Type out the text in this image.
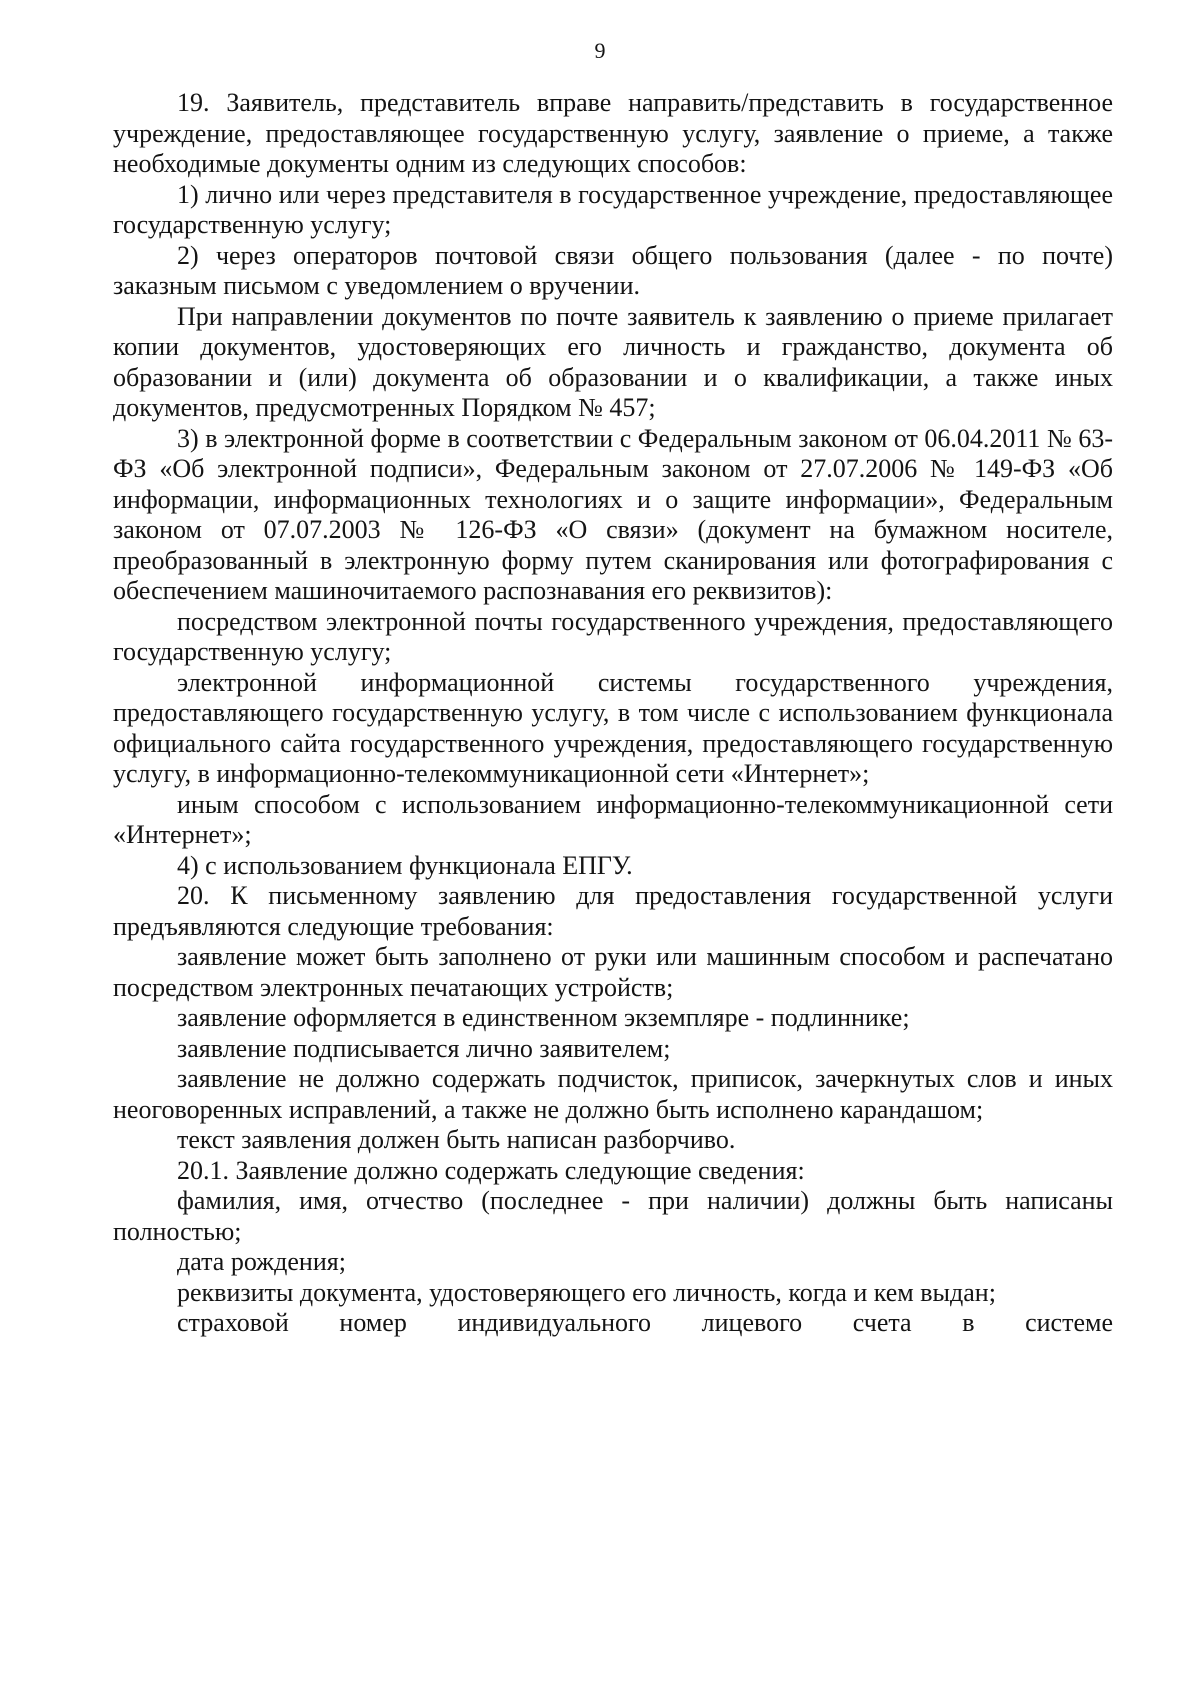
9

19. Заявитель, представитель вправе направить/представить в государственное учреждение, предоставляющее государственную услугу, заявление о приеме, а также необходимые документы одним из следующих способов:

1) лично или через представителя в государственное учреждение, предоставляющее государственную услугу;

2) через операторов почтовой связи общего пользования (далее - по почте) заказным письмом с уведомлением о вручении.

При направлении документов по почте заявитель к заявлению о приеме прилагает копии документов, удостоверяющих его личность и гражданство, документа об образовании и (или) документа об образовании и о квалификации, а также иных документов, предусмотренных Порядком № 457;

3) в электронной форме в соответствии с Федеральным законом от 06.04.2011 № 63-ФЗ «Об электронной подписи», Федеральным законом от 27.07.2006 № 149-ФЗ «Об информации, информационных технологиях и о защите информации», Федеральным законом от 07.07.2003 № 126-ФЗ «О связи» (документ на бумажном носителе, преобразованный в электронную форму путем сканирования или фотографирования с обеспечением машиночитаемого распознавания его реквизитов):

посредством электронной почты государственного учреждения, предоставляющего государственную услугу;

электронной информационной системы государственного учреждения, предоставляющего государственную услугу, в том числе с использованием функционала официального сайта государственного учреждения, предоставляющего государственную услугу, в информационно-телекоммуникационной сети «Интернет»;

иным способом с использованием информационно-телекоммуникационной сети «Интернет»;

4) с использованием функционала ЕПГУ.

20. К письменному заявлению для предоставления государственной услуги предъявляются следующие требования:

заявление может быть заполнено от руки или машинным способом и распечатано посредством электронных печатающих устройств;

заявление оформляется в единственном экземпляре - подлиннике;

заявление подписывается лично заявителем;

заявление не должно содержать подчисток, приписок, зачеркнутых слов и иных неоговоренных исправлений, а также не должно быть исполнено карандашом;

текст заявления должен быть написан разборчиво.

20.1. Заявление должно содержать следующие сведения:

фамилия, имя, отчество (последнее - при наличии) должны быть написаны полностью;

дата рождения;

реквизиты документа, удостоверяющего его личность, когда и кем выдан;

страховой номер индивидуального лицевого счета в системе
